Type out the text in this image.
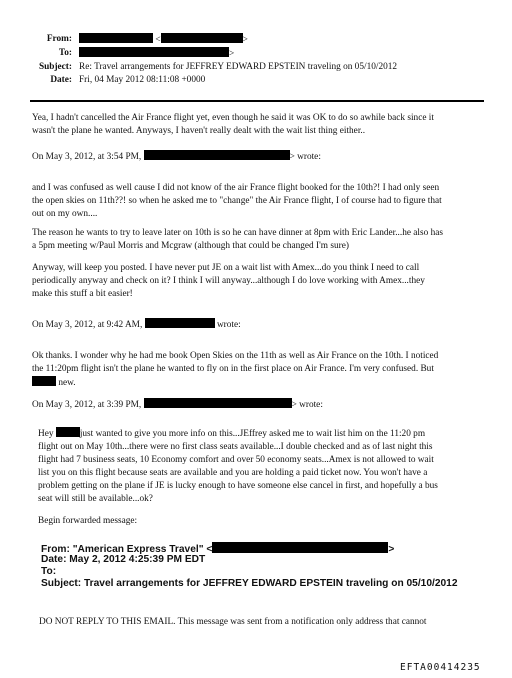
From:	<	>
To:	>
Subject: Re: Travel arrangements for JEFFREY EDWARD EPSTEIN traveling on 05/10/2012
Date: Fri, 04 May 2012 08:11:08 +0000
Yea, I hadn't cancelled the Air France flight yet, even though he said it was OK to do so awhile back since it
wasn't the plane he wanted. Anyways, I haven't really dealt with the wait list thing either..
On May 3, 2012, at 3:54 PM,	> wrote:
and I was confused as well cause I did not know of the air France flight booked for the 10th?! I had only seen
the open skies on 11th??! so when he asked me to "change" the Air France flight, I of course had to figure that
out on my own....
The reason he wants to try to leave later on 10th is so he can have dinner at 8pm with Eric Lander...he also has
a 5pm meeting w/Paul Morris and Mcgraw (although that could be changed I'm sure)
Anyway, will keep you posted. I have never put JE on a wait list with Amex...do you think I need to call
periodically anyway and check on it? I think I will anyway...although I do love working with Amex...they
make this stuff a bit easier!
On May 3, 2012, at 9:42 AM,	wrote:
Ok thanks. I wonder why he had me book Open Skies on the 11th as well as Air France on the 10th. I noticed
the 11:20pm flight isn't the plane he wanted to fly on in the first place on Air France. I'm very confused. But
new.
On May 3, 2012, at 3:39 PM,	> wrote:
Hey	just wanted to give you more info on this...JEffrey asked me to wait list him on the 11:20 pm
flight out on May 10th...there were no first class seats available...I double checked and as of last night this
flight had 7 business seats, 10 Economy comfort and over 50 economy seats...Amex is not allowed to wait
list you on this flight because seats are available and you are holding a paid ticket now. You won't have a
problem getting on the plane if JE is lucky enough to have someone else cancel in first, and hopefully a bus
seat will still be available...ok?
Begin forwarded message:
From: "American Express Travel" <	>
Date: May 2, 2012 4:25:39 PM EDT
To:
Subject: Travel arrangements for JEFFREY EDWARD EPSTEIN traveling on 05/10/2012
DO NOT REPLY TO THIS EMAIL. This message was sent from a notification only address that cannot
EFTA00414235
